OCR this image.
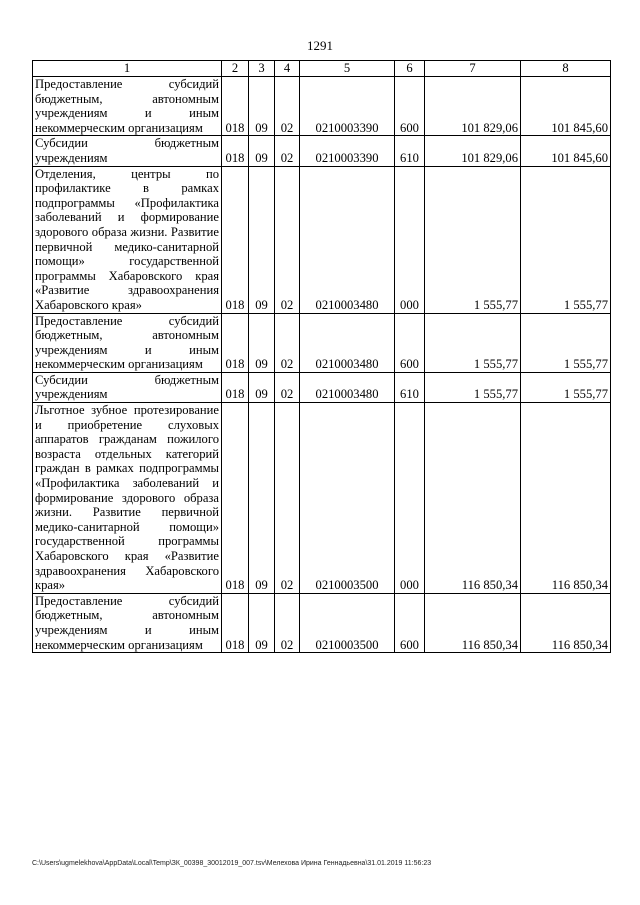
1291
1	2	3	4	5	6	7	8
Предоставление субсидий бюджетным, автономным учреждениям и иным некоммерческим организациям	018	09	02	0210003390	600	101 829,06	101 845,60
Субсидии бюджетным учреждениям	018	09	02	0210003390	610	101 829,06	101 845,60
Отделения, центры по профилактике в рамках подпрограммы «Профилактика заболеваний и формирование здорового образа жизни. Развитие первичной медико-санитарной помощи» государственной программы Хабаровского края «Развитие здравоохранения Хабаровского края»	018	09	02	0210003480	000	1 555,77	1 555,77
Предоставление субсидий бюджетным, автономным учреждениям и иным некоммерческим организациям	018	09	02	0210003480	600	1 555,77	1 555,77
Субсидии бюджетным учреждениям	018	09	02	0210003480	610	1 555,77	1 555,77
Льготное зубное протезирование и приобретение слуховых аппаратов гражданам пожилого возраста отдельных категорий граждан в рамках подпрограммы «Профилактика заболеваний и формирование здорового образа жизни. Развитие первичной медико-санитарной помощи» государственной программы Хабаровского края «Развитие здравоохранения Хабаровского края»	018	09	02	0210003500	000	116 850,34	116 850,34
Предоставление субсидий бюджетным, автономным учреждениям и иным некоммерческим организациям	018	09	02	0210003500	600	116 850,34	116 850,34
C:\Users\ugmelekhova\AppData\Local\Temp\ЗК_00398_30012019_007.tsv\Мелехова Ирина Геннадьевна\31.01.2019 11:56:23
